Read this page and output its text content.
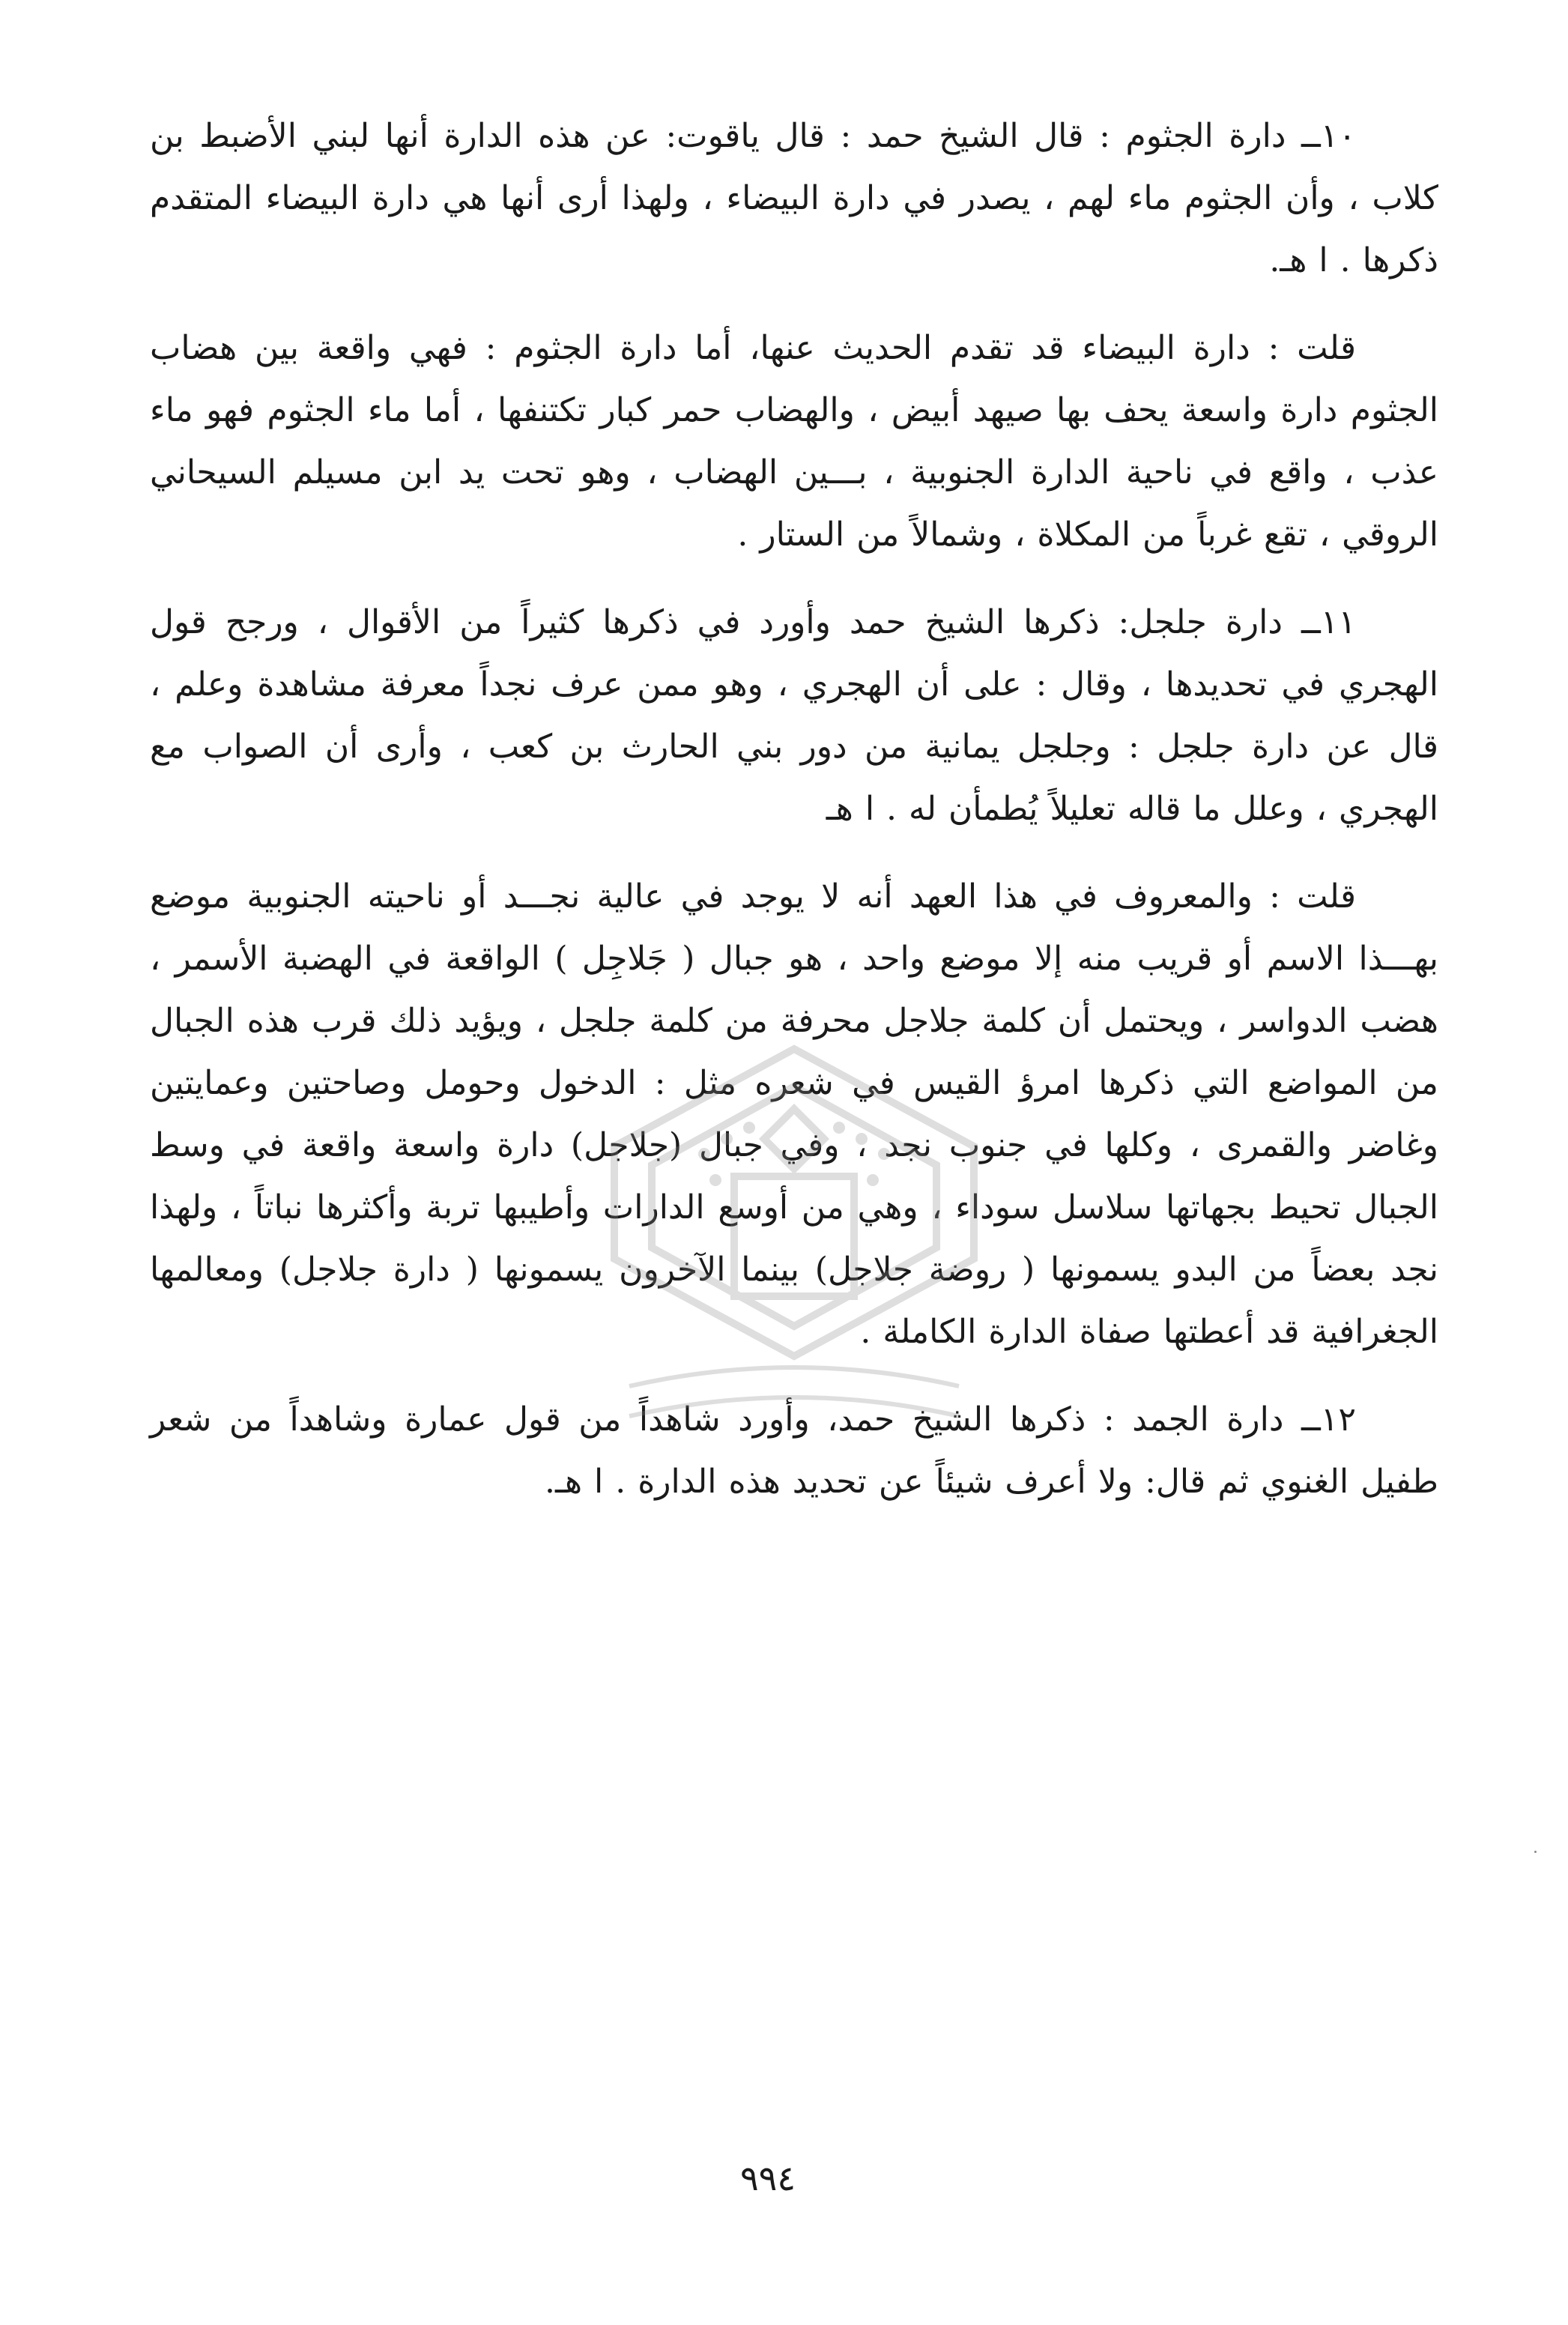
١٠ــ دارة الجثوم : قال الشيخ حمد : قال ياقوت: عن هذه الدارة أنها لبني الأضبط بن كلاب ، وأن الجثوم ماء لهم ، يصدر في دارة البيضاء ، ولهذا أرى أنها هي دارة البيضاء المتقدم ذكرها . ا هـ.

قلت : دارة البيضاء قد تقدم الحديث عنها، أما دارة الجثوم : فهي واقعة بين هضاب الجثوم دارة واسعة يحف بها صيهد أبيض ، والهضاب حمر كبار تكتنفها ، أما ماء الجثوم فهو ماء عذب ، واقع في ناحية الدارة الجنوبية ، بـــين الهضاب ، وهو تحت يد ابن مسيلم السيحاني الروقي ، تقع غرباً من المكلاة ، وشمالاً من الستار .

١١ــ دارة جلجل: ذكرها الشيخ حمد وأورد في ذكرها كثيراً من الأقوال ، ورجح قول الهجري في تحديدها ، وقال : على أن الهجري ، وهو ممن عرف نجداً معرفة مشاهدة وعلم ، قال عن دارة جلجل : وجلجل يمانية من دور بني الحارث بن كعب ، وأرى أن الصواب مع الهجري ، وعلل ما قاله تعليلاً يُطمأن له . ا هـ

قلت : والمعروف في هذا العهد أنه لا يوجد في عالية نجـــد أو ناحيته الجنوبية موضع بهـــذا الاسم أو قريب منه إلا موضع واحد ، هو جبال ( جَلاجِل ) الواقعة في الهضبة الأسمر ، هضب الدواسر ، ويحتمل أن كلمة جلاجل محرفة من كلمة جلجل ، ويؤيد ذلك قرب هذه الجبال من المواضع التي ذكرها امرؤ القيس في شعره مثل : الدخول وحومل وصاحتين وعمايتين وغاضر والقمرى ، وكلها في جنوب نجد ، وفي جبال (جلاجل) دارة واسعة واقعة في وسط الجبال تحيط بجهاتها سلاسل سوداء ، وهي من أوسع الدارات وأطيبها تربة وأكثرها نباتاً ، ولهذا نجد بعضاً من البدو يسمونها ( روضة جلاجل) بينما الآخرون يسمونها ( دارة جلاجل) ومعالمها الجغرافية قد أعطتها صفاة الدارة الكاملة .

١٢ــ دارة الجمد : ذكرها الشيخ حمد، وأورد شاهداً من قول عمارة وشاهداً من شعر طفيل الغنوي ثم قال: ولا أعرف شيئاً عن تحديد هذه الدارة . ا هـ.

٩٩٤
